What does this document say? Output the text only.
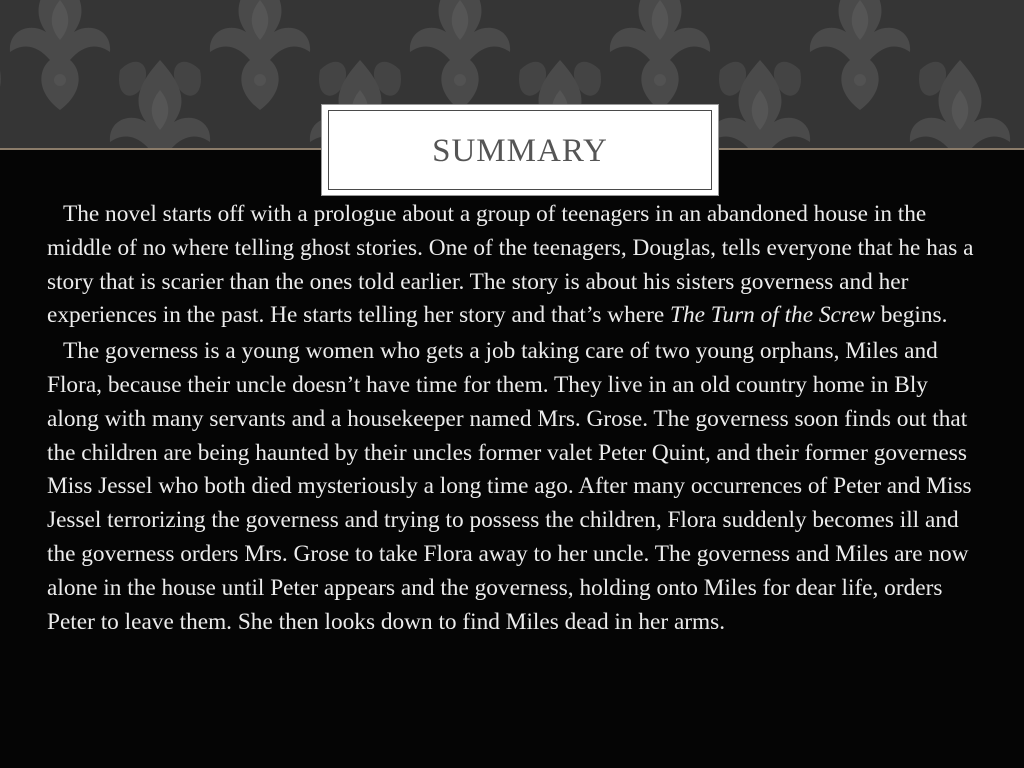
SUMMARY

The novel starts off with a prologue about a group of teenagers in an abandoned house in the middle of no where telling ghost stories. One of the teenagers, Douglas, tells everyone that he has a story that is scarier than the ones told earlier. The story is about his sisters governess and her experiences in the past. He starts telling her story and that’s where The Turn of the Screw begins.

The governess is a young women who gets a job taking care of two young orphans, Miles and Flora, because their uncle doesn’t have time for them. They live in an old country home in Bly along with many servants and a housekeeper named Mrs. Grose. The governess soon finds out that the children are being haunted by their uncles former valet Peter Quint, and their former governess Miss Jessel who both died mysteriously a long time ago. After many occurrences of Peter and Miss Jessel terrorizing the governess and trying to possess the children, Flora suddenly becomes ill and the governess orders Mrs. Grose to take Flora away to her uncle. The governess and Miles are now alone in the house until Peter appears and the governess, holding onto Miles for dear life, orders Peter to leave them. She then looks down to find Miles dead in her arms.
